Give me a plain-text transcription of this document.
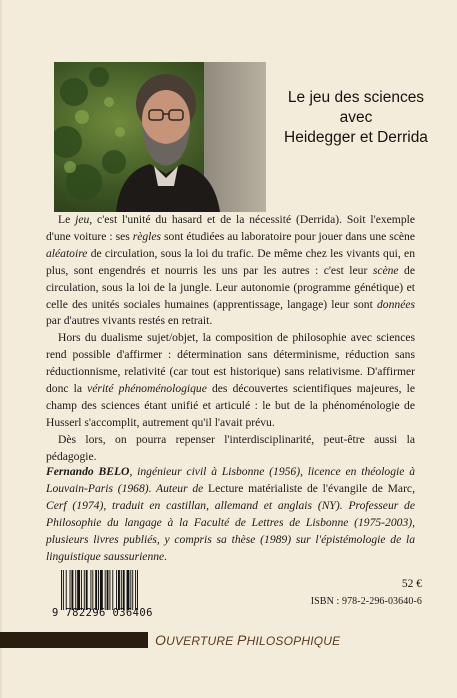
Le jeu des sciences
avec
Heidegger et Derrida

Le jeu, c'est l'unité du hasard et de la nécessité (Derrida). Soit l'exemple d'une voiture : ses règles sont étudiées au laboratoire pour jouer dans une scène aléatoire de circulation, sous la loi du trafic. De même chez les vivants qui, en plus, sont engendrés et nourris les uns par les autres : c'est leur scène de circulation, sous la loi de la jungle. Leur autonomie (programme génétique) et celle des unités sociales humaines (apprentissage, langage) leur sont données par d'autres vivants restés en retrait.

Hors du dualisme sujet/objet, la composition de philosophie avec sciences rend possible d'affirmer : détermination sans déterminisme, réduction sans réductionnisme, relativité (car tout est historique) sans relativisme. D'affirmer donc la vérité phénoménologique des découvertes scientifiques majeures, le champ des sciences étant unifié et articulé : le but de la phénoménologie de Husserl s'accomplit, autrement qu'il l'avait prévu.

Dès lors, on pourra repenser l'interdisciplinarité, peut-être aussi la pédagogie.

Fernando BELO, ingénieur civil à Lisbonne (1956), licence en théologie à Louvain-Paris (1968). Auteur de Lecture matérialiste de l'évangile de Marc, Cerf (1974), traduit en castillan, allemand et anglais (NY). Professeur de Philosophie du langage à la Faculté de Lettres de Lisbonne (1975-2003), plusieurs livres publiés, y compris sa thèse (1989) sur l'épistémologie de la linguistique saussurienne.

9 782296 036406
52 €
ISBN : 978-2-296-03640-6
OUVERTURE PHILOSOPHIQUE
